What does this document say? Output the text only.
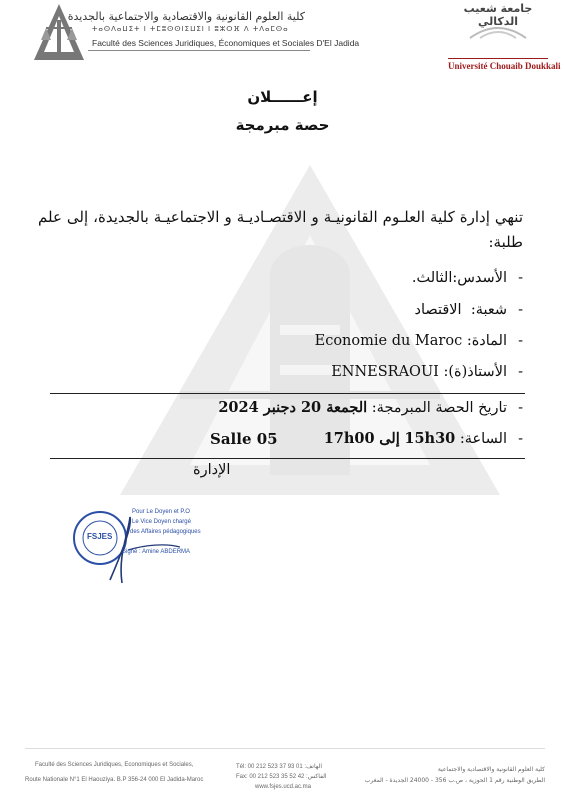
كلية العلوم القانونية والاقتصادية والاجتماعية بالجديدة
ⵜⴰⵙⴷⴰⵡⵉⵜ ⵏ ⵜⵎⵓⵙⵙⵏⵉⵡⵉⵏ ⵏ ⵓⵣⵔⴼ ⴷ ⵜⴷⴰⵎⵙⴰ
Faculté des Sciences Juridiques, Économiques et Sociales D'El Jadida
جامعة شعيب الدكالي
Université Chouaib Doukkali
إعــــــلان
حصة مبرمجة
تنهي إدارة كلية العلـوم القانونيـة و الاقتصـاديـة و الاجتماعيـة بالجديدة، إلى علم طلبة:
-الأسدس:الثالث.
-شعبة:  الاقتصاد
-المادة: Economie du Maroc
-الأستاذ(ة): ENNESRAOUI
-تاريخ الحصة المبرمجة: الجمعة 20 دجنبر 2024
-الساعة: 15h30 إلى 17h00
Salle 05
الإدارة
FSJES
Pour Le Doyen et P.O
Le Vice Doyen chargé
des Affaires pédagogiques
Signé : Amine ABDERMA
Faculté des Sciences Juridiques, Economiques et Sociales,
Route Nationale N°1 El Haouziya. B.P 356-24 000 El Jadida-Maroc
Tél: 00 212 523 37 93 01 :الهاتف
Fax: 00 212 523 35 52 42 :الفاكس
www.fsjes.ucd.ac.ma
كلية العلوم القانونية والاقتصادية والاجتماعية
الطريق الوطنية رقم 1 الحوزية ، ص.ب 356 - 24000 الجديدة - المغرب
